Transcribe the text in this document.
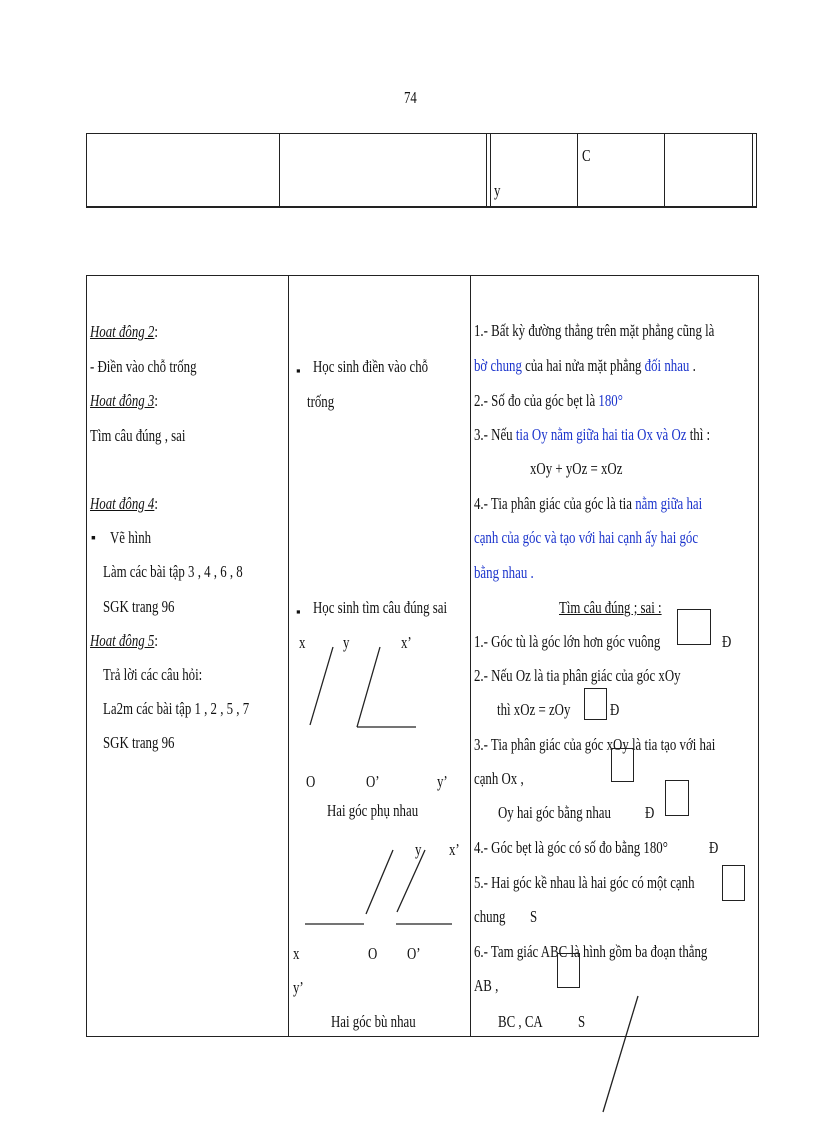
74
y
C
Hoat đông 2:
- Điền vào chỗ trống
Hoat đông 3:
Tìm câu đúng , sai
Hoat đông 4:
▪ Vẽ hình
Làm các bài tập 3 , 4 , 6 , 8
SGK trang 96
Hoat đông 5:
Trả lời các câu hỏi:
La2m các bài tập 1 , 2 , 5 , 7
SGK trang 96
▪ Học sinh điền vào chỗ
trống
▪ Học sinh tìm câu đúng sai
x y	x’
O	O’	y’
Hai góc phụ nhau
y x’
x	O O’
y’
Hai góc bù nhau
1.- Bất kỳ đường thẳng trên mặt phẳng cũng là
bờ chung của hai nửa mặt phẳng đối nhau .
2.- Số đo của góc bẹt là 180°
3.- Nếu tia Oy nằm giữa hai tia Ox và Oz thì :
xOy + yOz = xOz
4.- Tia phân giác của góc là tia nằm giữa hai
cạnh của góc và tạo với hai cạnh ấy hai góc
bằng nhau .
Tìm câu đúng ; sai :
1.- Góc tù là góc lớn hơn góc vuông	Đ
2.- Nếu Oz là tia phân giác của góc xOy
thì xOz = zOy Đ
3.- Tia phân giác của góc xOy là tia tạo với hai
cạnh Ox ,
Oy hai góc bằng nhau Đ
4.- Góc bẹt là góc có số đo bằng 180° Đ
5.- Hai góc kề nhau là hai góc có một cạnh
chung S
6.- Tam giác ABC là hình gồm ba đoạn thẳng
AB ,
BC , CA S
